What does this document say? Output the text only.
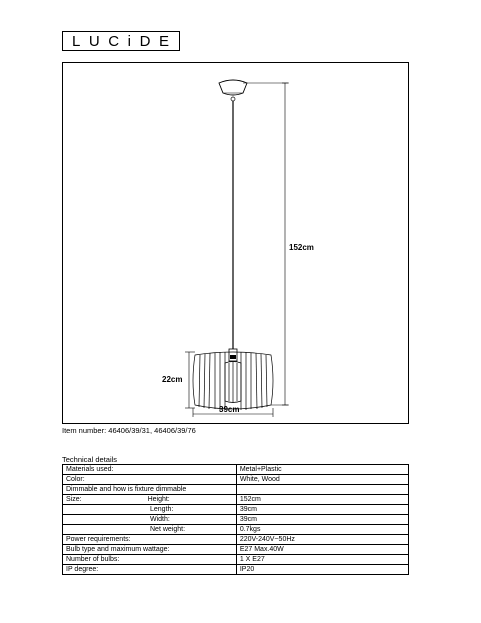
L U C i D E
152cm
22cm
39cm
Item number: 46406/39/31, 46406/39/76
Technical details
Materials used:	Metal+Plastic
Color:	White, Wood
Dimmable and how is fixture dimmable	
Size: Height:	152cm
Length:	39cm
Width:	39cm
Net weight:	0.7kgs
Power requirements:	220V-240V~50Hz
Bulb type and maximum wattage:	E27 Max.40W
Number of bulbs:	1 X E27
IP degree:	IP20
